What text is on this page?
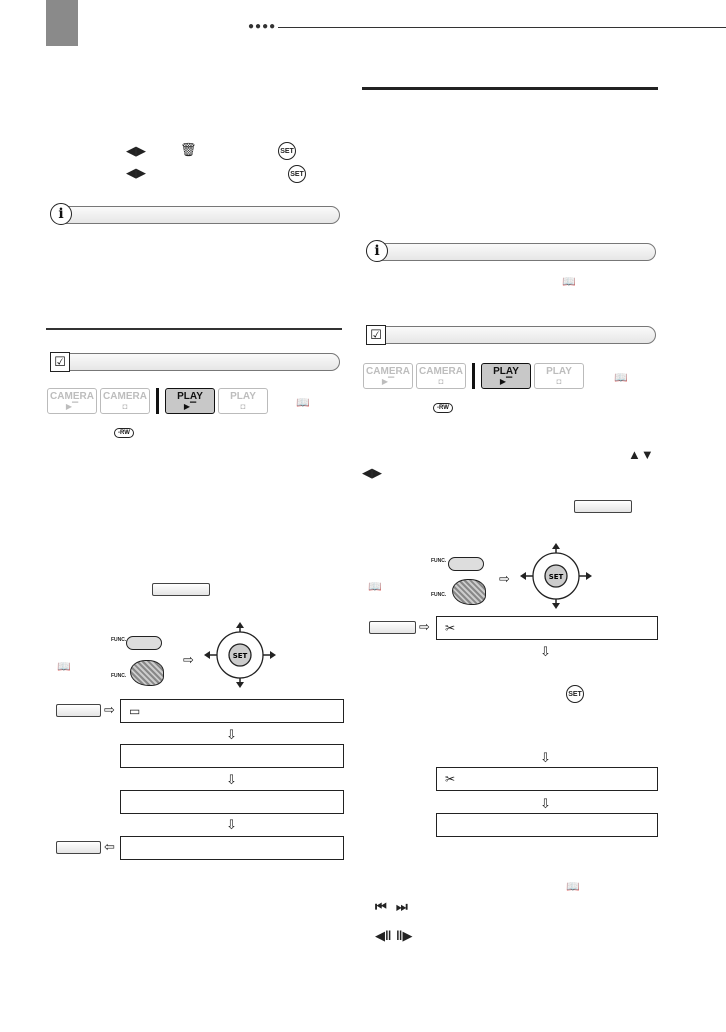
●●●●
◀▶	🗑	SET
◀▶	SET
i
☑
CAMERA
▶▔
CAMERA
◘
PLAY
▶▔
PLAY
◘	📖
-RW
FUNC.
FUNC.
📖	⇨	SET
⇨	▭
⇩
⇩
⇩
⇦
i
📖
☑
CAMERA
▶▔
CAMERA
◘
PLAY
▶▔
PLAY
◘	📖
-RW
▲▼
◀▶
FUNC.
FUNC.
📖
⇨	SET
⇨	✂
⇩
SET
⇩
✂
⇩
📖
⏮ ⏭
◀‖ ‖▶
